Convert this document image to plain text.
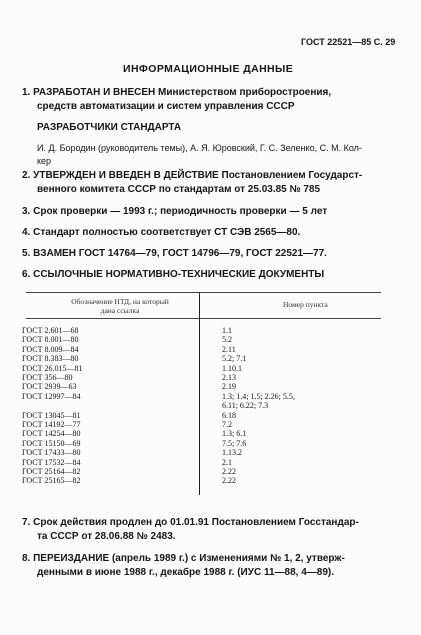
ГОСТ 22521—85 С. 29
ИНФОРМАЦИОННЫЕ ДАННЫЕ
1. РАЗРАБОТАН И ВНЕСЕН Министерством приборостроения,
средств автоматизации и систем управления СССР
РАЗРАБОТЧИКИ СТАНДАРТА
И. Д. Бородин (руководитель темы), А. Я. Юровский, Г. С. Зеленко, С. М. Кол-
кер
2. УТВЕРЖДЕН И ВВЕДЕН В ДЕЙСТВИЕ Постановлением Государст-
венного комитета СССР по стандартам от 25.03.85 № 785
3. Срок проверки — 1993 г.; периодичность проверки — 5 лет
4. Стандарт полностью соответствует СТ СЭВ 2565—80.
5. ВЗАМЕН ГОСТ 14764—79, ГОСТ 14796—79, ГОСТ 22521—77.
6. ССЫЛОЧНЫЕ НОРМАТИВНО-ТЕХНИЧЕСКИЕ ДОКУМЕНТЫ
Обозначение НТД, на который
дана ссылка
Номер пункта
ГОСТ 2.601—68	1.1
ГОСТ 8.001—80	5.2
ГОСТ 8.009—84	2.11
ГОСТ 8.383—80	5.2; 7.1
ГОСТ 26.015—81	1.10.1
ГОСТ 356—80	2.13
ГОСТ 2939—63	2.19
ГОСТ 12997—84	1.3; 1.4; 1.5; 2.26; 5.5,
6.11; 6.22; 7.3
ГОСТ 13045—81	6.18
ГОСТ 14192—77	7.2
ГОСТ 14254—80	1.3; 6.1
ГОСТ 15150—69	7.5; 7.6
ГОСТ 17433—80	1.13.2
ГОСТ 17532—84	2.1
ГОСТ 25164—82	2.22
ГОСТ 25165—82	2.22
7. Срок действия продлен до 01.01.91 Постановлением Госстандар-
та СССР от 28.06.88 № 2483.
8. ПЕРЕИЗДАНИЕ (апрель 1989 г.) с Изменениями № 1, 2, утверж-
денными в июне 1988 г., декабре 1988 г. (ИУС 11—88, 4—89).
